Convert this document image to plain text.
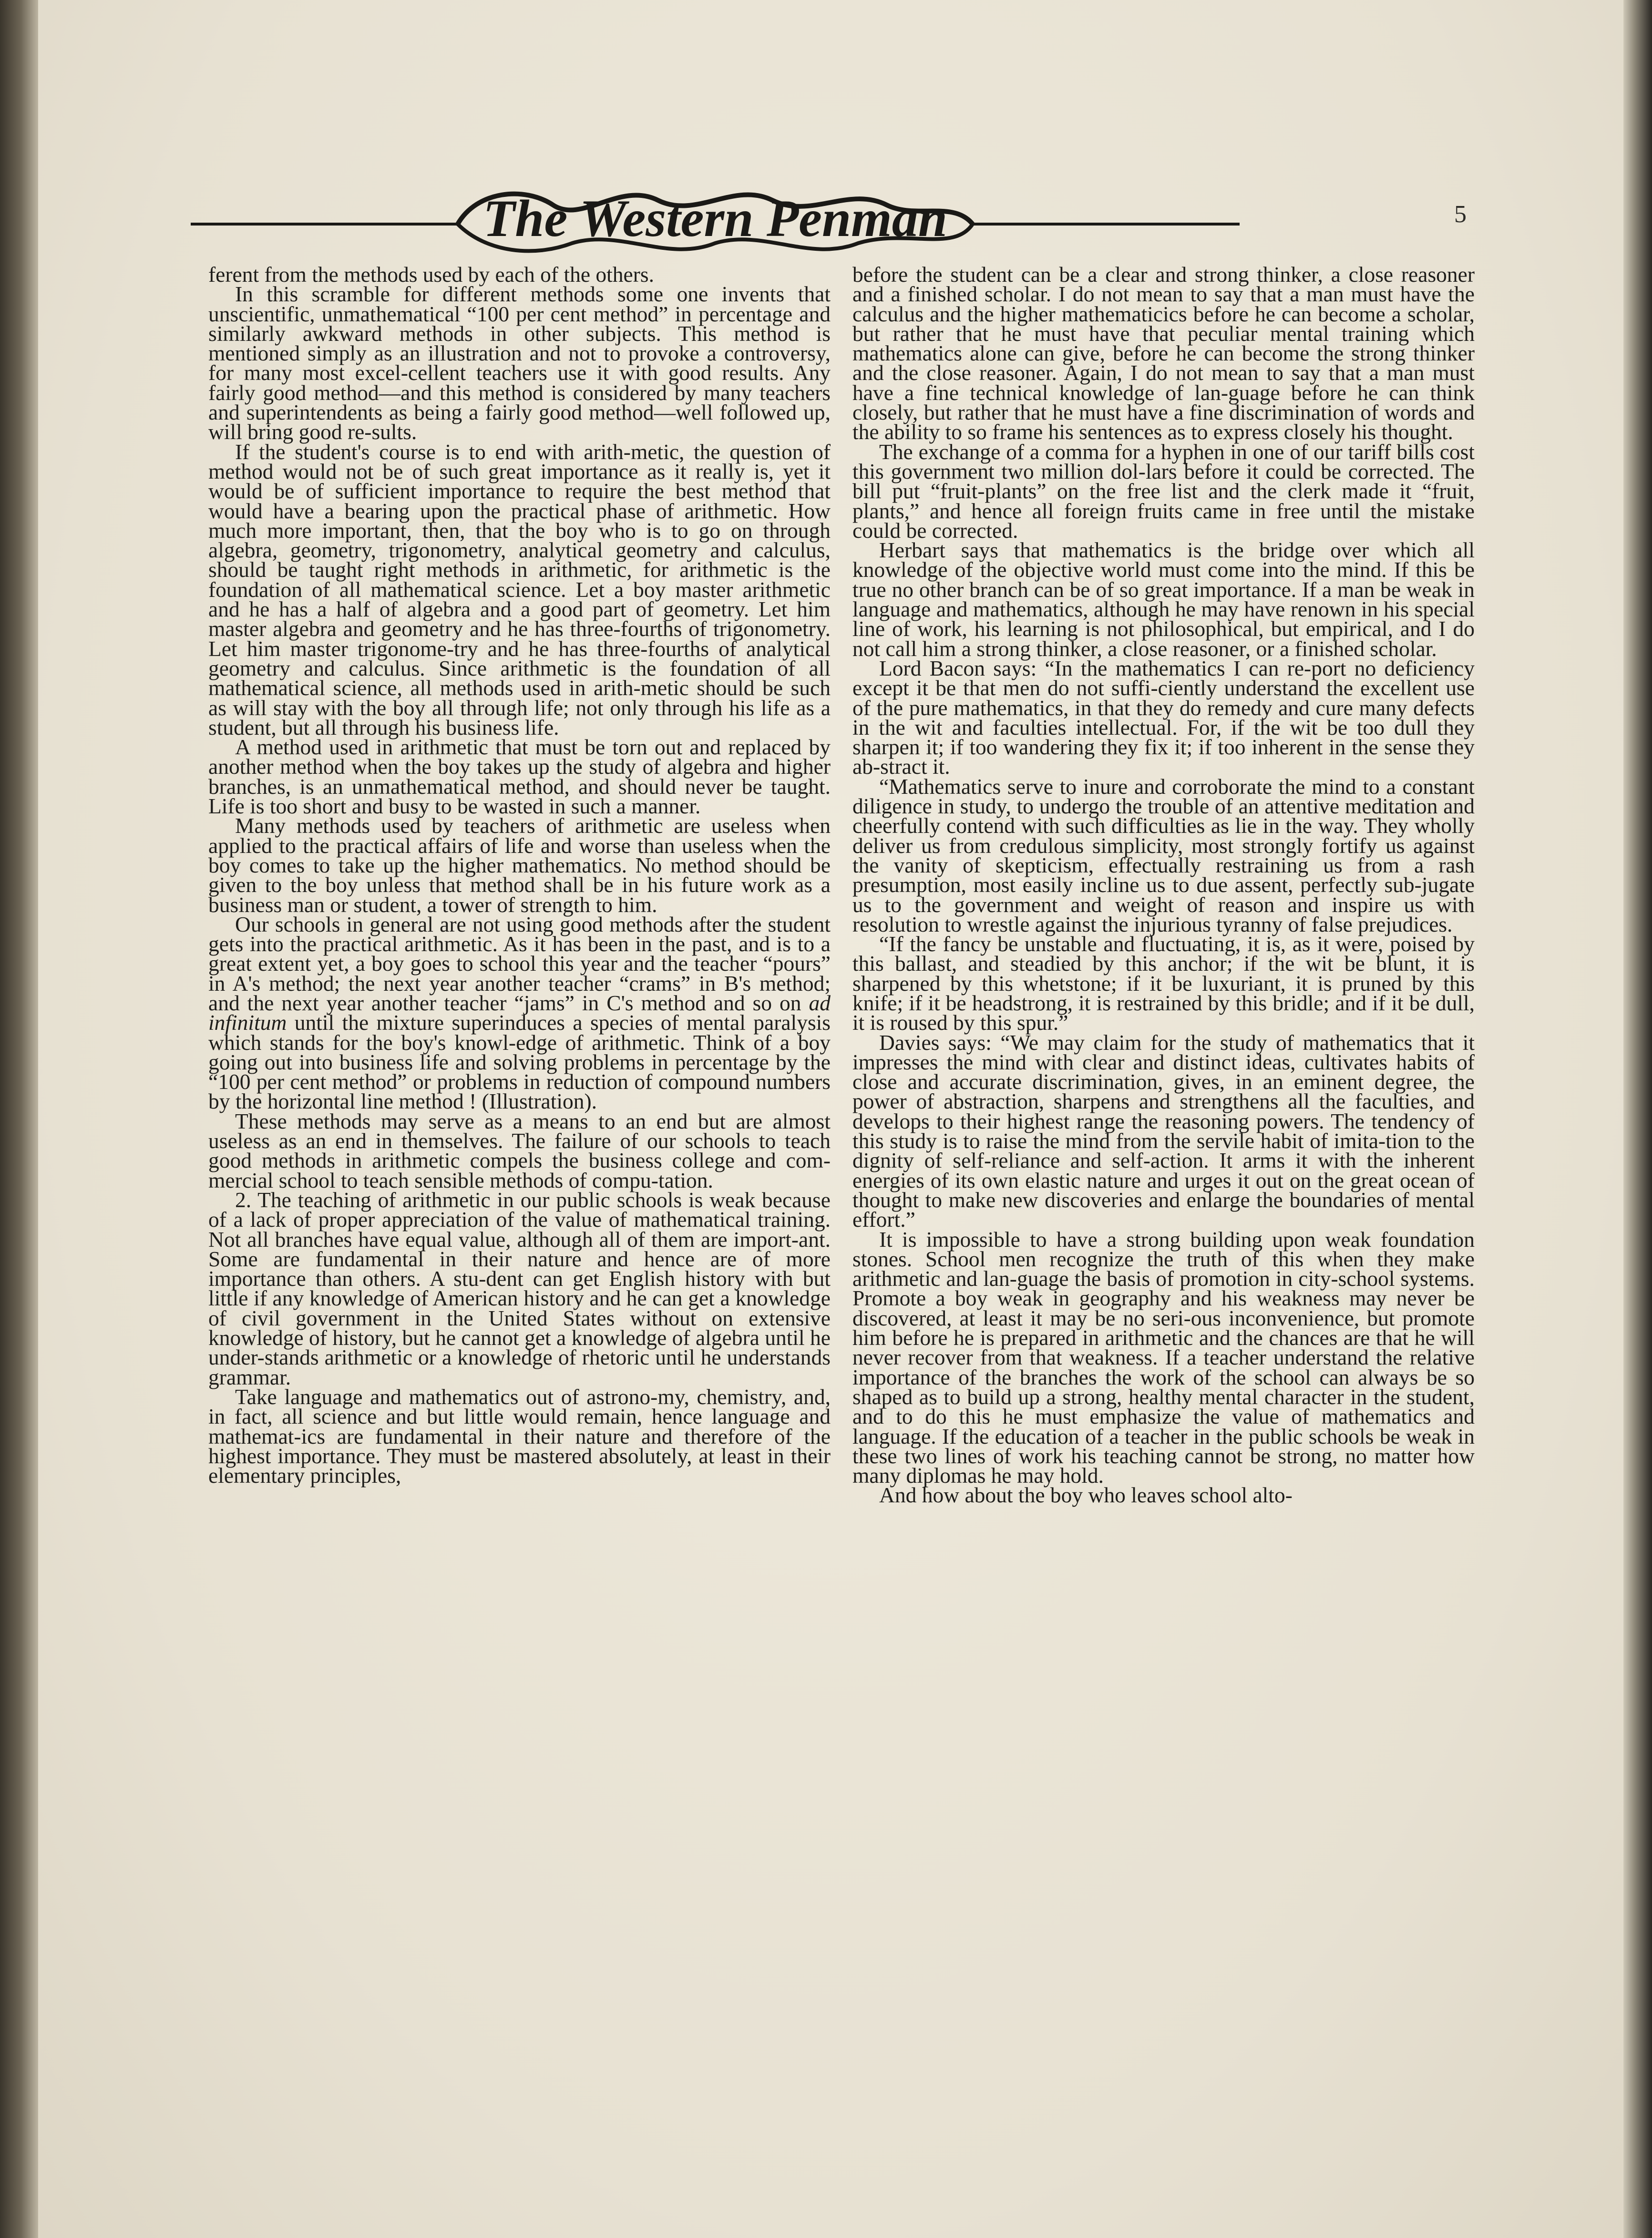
The Western Penman	5

ferent from the methods used by each of the others.

In this scramble for different methods some one invents that unscientific, unmathematical “100 per cent method” in percentage and similarly awkward methods in other subjects. This method is mentioned simply as an illustration and not to provoke a controversy, for many most excel-cellent teachers use it with good results. Any fairly good method—and this method is considered by many teachers and superintendents as being a fairly good method—well followed up, will bring good re-sults.

If the student's course is to end with arith-metic, the question of method would not be of such great importance as it really is, yet it would be of sufficient importance to require the best method that would have a bearing upon the practical phase of arithmetic. How much more important, then, that the boy who is to go on through algebra, geometry, trigonometry, analytical geometry and calculus, should be taught right methods in arithmetic, for arithmetic is the foundation of all mathematical science. Let a boy master arithmetic and he has a half of algebra and a good part of geometry. Let him master algebra and geometry and he has three-fourths of trigonometry. Let him master trigonome-try and he has three-fourths of analytical geometry and calculus. Since arithmetic is the foundation of all mathematical science, all methods used in arith-metic should be such as will stay with the boy all through life; not only through his life as a student, but all through his business life.

A method used in arithmetic that must be torn out and replaced by another method when the boy takes up the study of algebra and higher branches, is an unmathematical method, and should never be taught. Life is too short and busy to be wasted in such a manner.

Many methods used by teachers of arithmetic are useless when applied to the practical affairs of life and worse than useless when the boy comes to take up the higher mathematics. No method should be given to the boy unless that method shall be in his future work as a business man or student, a tower of strength to him.

Our schools in general are not using good methods after the student gets into the practical arithmetic. As it has been in the past, and is to a great extent yet, a boy goes to school this year and the teacher “pours” in A's method; the next year another teacher “crams” in B's method; and the next year another teacher “jams” in C's method and so on ad infinitum until the mixture superinduces a species of mental paralysis which stands for the boy's knowl-edge of arithmetic. Think of a boy going out into business life and solving problems in percentage by the “100 per cent method” or problems in reduction of compound numbers by the horizontal line method ! (Illustration).

These methods may serve as a means to an end but are almost useless as an end in themselves. The failure of our schools to teach good methods in arithmetic compels the business college and com-mercial school to teach sensible methods of compu-tation.

2. The teaching of arithmetic in our public schools is weak because of a lack of proper appreciation of the value of mathematical training. Not all branches have equal value, although all of them are import-ant. Some are fundamental in their nature and hence are of more importance than others. A stu-dent can get English history with but little if any knowledge of American history and he can get a knowledge of civil government in the United States without on extensive knowledge of history, but he cannot get a knowledge of algebra until he under-stands arithmetic or a knowledge of rhetoric until he understands grammar.

Take language and mathematics out of astrono-my, chemistry, and, in fact, all science and but little would remain, hence language and mathemat-ics are fundamental in their nature and therefore of the highest importance. They must be mastered absolutely, at least in their elementary principles,

before the student can be a clear and strong thinker, a close reasoner and a finished scholar. I do not mean to say that a man must have the calculus and the higher mathematicics before he can become a scholar, but rather that he must have that peculiar mental training which mathematics alone can give, before he can become the strong thinker and the close reasoner. Again, I do not mean to say that a man must have a fine technical knowledge of lan-guage before he can think closely, but rather that he must have a fine discrimination of words and the ability to so frame his sentences as to express closely his thought.

The exchange of a comma for a hyphen in one of our tariff bills cost this government two million dol-lars before it could be corrected. The bill put “fruit-plants” on the free list and the clerk made it “fruit, plants,” and hence all foreign fruits came in free until the mistake could be corrected.

Herbart says that mathematics is the bridge over which all knowledge of the objective world must come into the mind. If this be true no other branch can be of so great importance. If a man be weak in language and mathematics, although he may have renown in his special line of work, his learning is not philosophical, but empirical, and I do not call him a strong thinker, a close reasoner, or a finished scholar.

Lord Bacon says: “In the mathematics I can re-port no deficiency except it be that men do not suffi-ciently understand the excellent use of the pure mathematics, in that they do remedy and cure many defects in the wit and faculties intellectual. For, if the wit be too dull they sharpen it; if too wandering they fix it; if too inherent in the sense they ab-stract it.

“Mathematics serve to inure and corroborate the mind to a constant diligence in study, to undergo the trouble of an attentive meditation and cheerfully contend with such difficulties as lie in the way. They wholly deliver us from credulous simplicity, most strongly fortify us against the vanity of skepticism, effectually restraining us from a rash presumption, most easily incline us to due assent, perfectly sub-jugate us to the government and weight of reason and inspire us with resolution to wrestle against the injurious tyranny of false prejudices.

“If the fancy be unstable and fluctuating, it is, as it were, poised by this ballast, and steadied by this anchor; if the wit be blunt, it is sharpened by this whetstone; if it be luxuriant, it is pruned by this knife; if it be headstrong, it is restrained by this bridle; and if it be dull, it is roused by this spur.”

Davies says: “We may claim for the study of mathematics that it impresses the mind with clear and distinct ideas, cultivates habits of close and accurate discrimination, gives, in an eminent degree, the power of abstraction, sharpens and strengthens all the faculties, and develops to their highest range the reasoning powers. The tendency of this study is to raise the mind from the servile habit of imita-tion to the dignity of self-reliance and self-action. It arms it with the inherent energies of its own elastic nature and urges it out on the great ocean of thought to make new discoveries and enlarge the boundaries of mental effort.”

It is impossible to have a strong building upon weak foundation stones. School men recognize the truth of this when they make arithmetic and lan-guage the basis of promotion in city-school systems. Promote a boy weak in geography and his weakness may never be discovered, at least it may be no seri-ous inconvenience, but promote him before he is prepared in arithmetic and the chances are that he will never recover from that weakness. If a teacher understand the relative importance of the branches the work of the school can always be so shaped as to build up a strong, healthy mental character in the student, and to do this he must emphasize the value of mathematics and language. If the education of a teacher in the public schools be weak in these two lines of work his teaching cannot be strong, no matter how many diplomas he may hold.

And how about the boy who leaves school alto-
